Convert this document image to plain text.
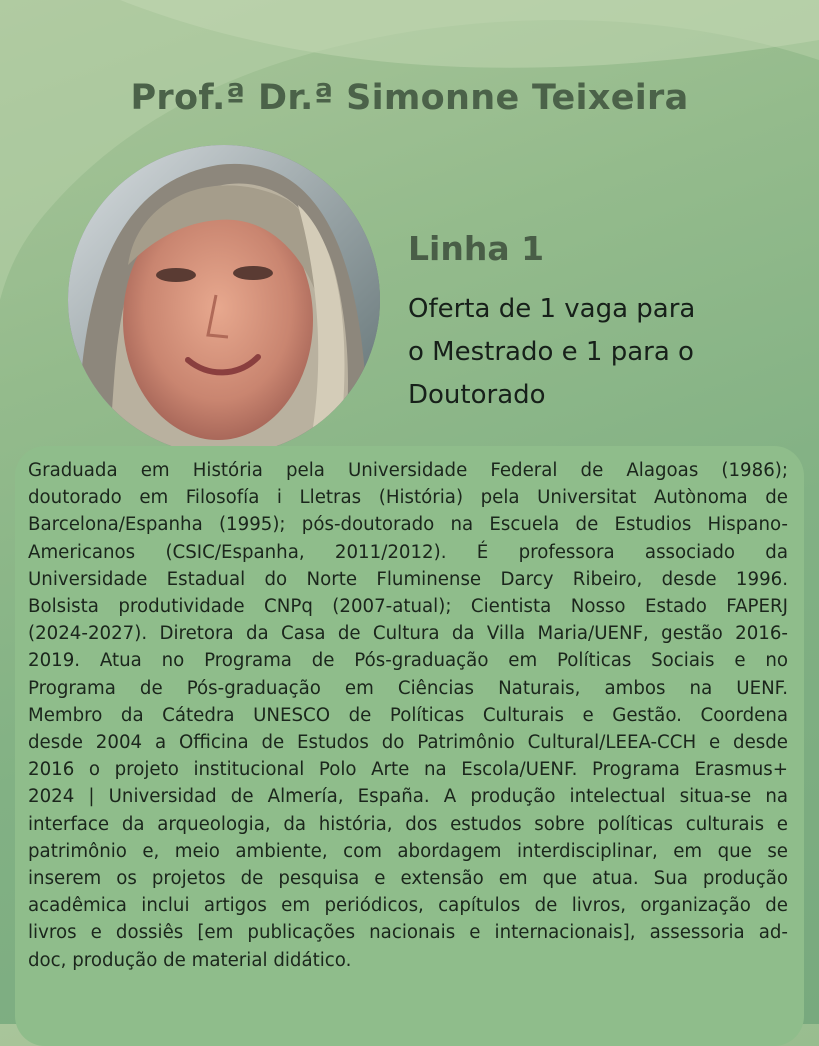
Prof.ª Dr.ª Simonne Teixeira
Linha 1
Oferta de 1 vaga para
o Mestrado e 1 para o
Doutorado
Graduada em História pela Universidade Federal de Alagoas (1986);
doutorado em Filosofía i Lletras (História) pela Universitat Autònoma de
Barcelona/Espanha (1995); pós-doutorado na Escuela de Estudios Hispano-
Americanos (CSIC/Espanha, 2011/2012). É professora associado da
Universidade Estadual do Norte Fluminense Darcy Ribeiro, desde 1996.
Bolsista produtividade CNPq (2007-atual); Cientista Nosso Estado FAPERJ
(2024-2027). Diretora da Casa de Cultura da Villa Maria/UENF, gestão 2016-
2019. Atua no Programa de Pós-graduação em Políticas Sociais e no
Programa de Pós-graduação em Ciências Naturais, ambos na UENF.
Membro da Cátedra UNESCO de Políticas Culturais e Gestão. Coordena
desde 2004 a Officina de Estudos do Patrimônio Cultural/LEEA-CCH e desde
2016 o projeto institucional Polo Arte na Escola/UENF. Programa Erasmus+
2024 | Universidad de Almería, España. A produção intelectual situa-se na
interface da arqueologia, da história, dos estudos sobre políticas culturais e
patrimônio e, meio ambiente, com abordagem interdisciplinar, em que se
inserem os projetos de pesquisa e extensão em que atua. Sua produção
acadêmica inclui artigos em periódicos, capítulos de livros, organização de
livros e dossiês [em publicações nacionais e internacionais], assessoria ad-
doc, produção de material didático.
